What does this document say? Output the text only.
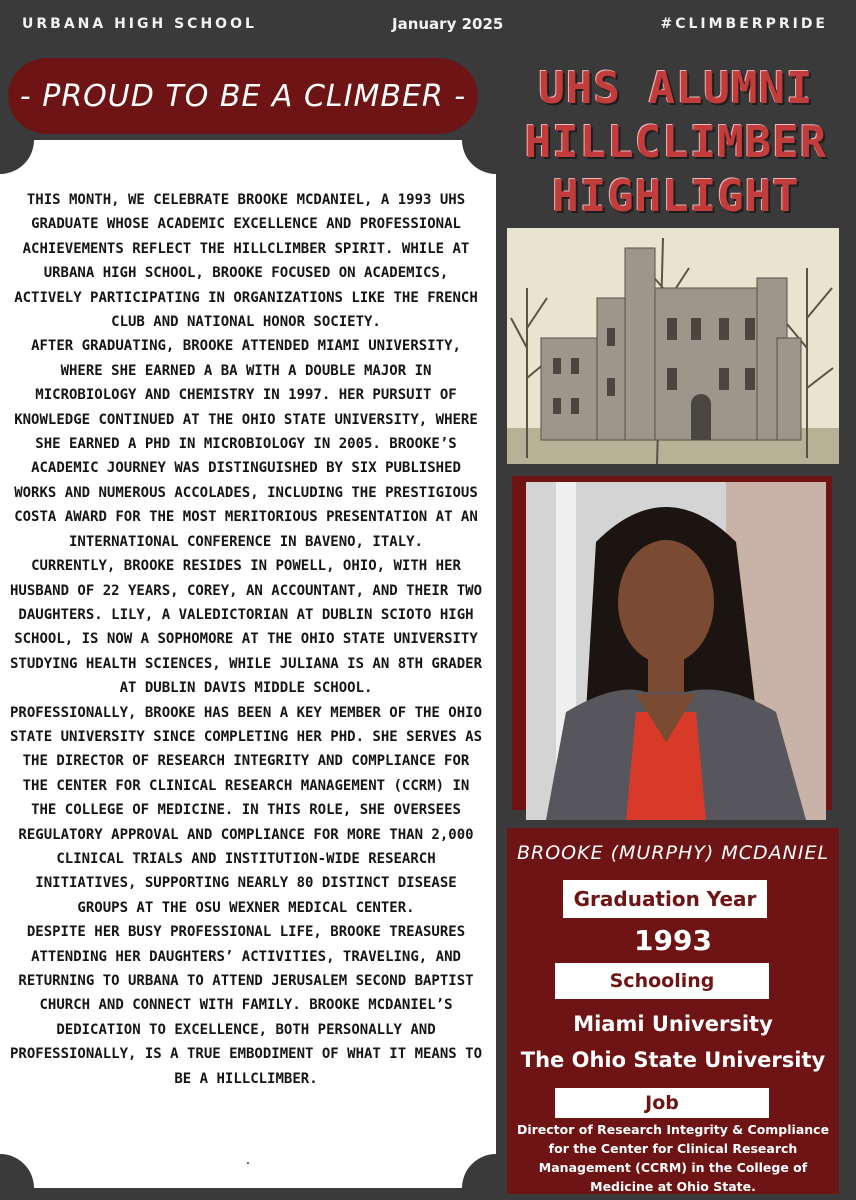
URBANA HIGH SCHOOL	January 2025	#CLIMBERPRIDE
- PROUD TO BE A CLIMBER -

THIS MONTH, WE CELEBRATE BROOKE MCDANIEL, A 1993 UHS GRADUATE WHOSE ACADEMIC EXCELLENCE AND PROFESSIONAL ACHIEVEMENTS REFLECT THE HILLCLIMBER SPIRIT. WHILE AT URBANA HIGH SCHOOL, BROOKE FOCUSED ON ACADEMICS, ACTIVELY PARTICIPATING IN ORGANIZATIONS LIKE THE FRENCH CLUB AND NATIONAL HONOR SOCIETY.

AFTER GRADUATING, BROOKE ATTENDED MIAMI UNIVERSITY, WHERE SHE EARNED A BA WITH A DOUBLE MAJOR IN MICROBIOLOGY AND CHEMISTRY IN 1997. HER PURSUIT OF KNOWLEDGE CONTINUED AT THE OHIO STATE UNIVERSITY, WHERE SHE EARNED A PHD IN MICROBIOLOGY IN 2005. BROOKE’S ACADEMIC JOURNEY WAS DISTINGUISHED BY SIX PUBLISHED WORKS AND NUMEROUS ACCOLADES, INCLUDING THE PRESTIGIOUS COSTA AWARD FOR THE MOST MERITORIOUS PRESENTATION AT AN INTERNATIONAL CONFERENCE IN BAVENO, ITALY.

CURRENTLY, BROOKE RESIDES IN POWELL, OHIO, WITH HER HUSBAND OF 22 YEARS, COREY, AN ACCOUNTANT, AND THEIR TWO DAUGHTERS. LILY, A VALEDICTORIAN AT DUBLIN SCIOTO HIGH SCHOOL, IS NOW A SOPHOMORE AT THE OHIO STATE UNIVERSITY STUDYING HEALTH SCIENCES, WHILE JULIANA IS AN 8TH GRADER AT DUBLIN DAVIS MIDDLE SCHOOL.

PROFESSIONALLY, BROOKE HAS BEEN A KEY MEMBER OF THE OHIO STATE UNIVERSITY SINCE COMPLETING HER PHD. SHE SERVES AS THE DIRECTOR OF RESEARCH INTEGRITY AND COMPLIANCE FOR THE CENTER FOR CLINICAL RESEARCH MANAGEMENT (CCRM) IN THE COLLEGE OF MEDICINE. IN THIS ROLE, SHE OVERSEES REGULATORY APPROVAL AND COMPLIANCE FOR MORE THAN 2,000 CLINICAL TRIALS AND INSTITUTION-WIDE RESEARCH INITIATIVES, SUPPORTING NEARLY 80 DISTINCT DISEASE GROUPS AT THE OSU WEXNER MEDICAL CENTER.

DESPITE HER BUSY PROFESSIONAL LIFE, BROOKE TREASURES ATTENDING HER DAUGHTERS’ ACTIVITIES, TRAVELING, AND RETURNING TO URBANA TO ATTEND JERUSALEM SECOND BAPTIST CHURCH AND CONNECT WITH FAMILY. BROOKE MCDANIEL’S DEDICATION TO EXCELLENCE, BOTH PERSONALLY AND PROFESSIONALLY, IS A TRUE EMBODIMENT OF WHAT IT MEANS TO BE A HILLCLIMBER.

.
UHS ALUMNI
HILLCLIMBER
HIGHLIGHT
BROOKE (MURPHY) MCDANIEL
Graduation Year
1993
Schooling
Miami University
The Ohio State University
Job
Director of Research Integrity & Compliance for the Center for Clinical Research Management (CCRM) in the College of Medicine at Ohio State.
